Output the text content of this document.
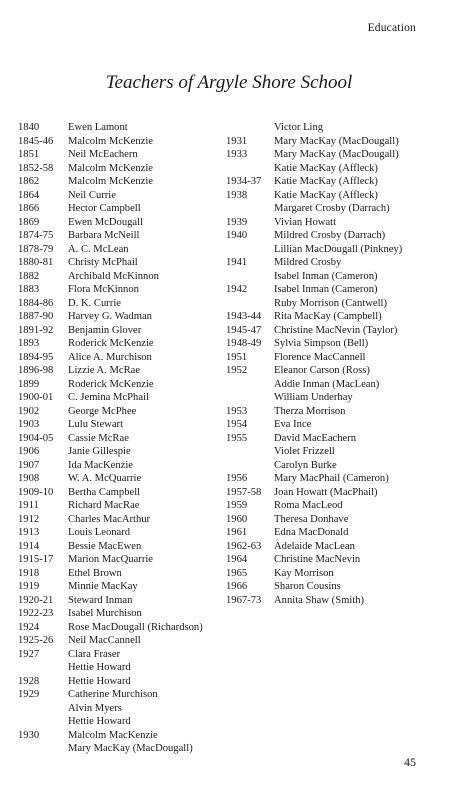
Education
Teachers of Argyle Shore School
1840	Ewen Lamont
1845-46 Malcolm McKenzie
1851	Neil McEachern
1852-58 Malcolm McKenzie
1862	Malcolm McKenzie
1864	Neil Currie
1866	Hector Campbell
1869	Ewen McDougall
1874-75 Barbara McNeill
1878-79 A. C. McLean
1880-81 Christy McPhail
1882	Archibald McKinnon
1883	Flora McKinnon
1884-86 D. K. Currie
1887-90 Harvey G. Wadman
1891-92 Benjamin Glover
1893	Roderick McKenzie
1894-95 Alice A. Murchison
1896-98 Lizzie A. McRae
1899	Roderick McKenzie
1900-01 C. Jemina McPhail
1902	George McPhee
1903	Lulu Stewart
1904-05 Cassie McRae
1906	Janie Gillespie
1907	Ida MacKenzie
1908	W. A. McQuarrie
1909-10 Bertha Campbell
1911	Richard MacRae
1912	Charles MacArthur
1913	Louis Leonard
1914	Bessie MacEwen
1915-17 Marion MacQuarrie
1918	Ethel Brown
1919	Minnie MacKay
1920-21 Steward Inman
1922-23 Isabel Murchison
1924	Rose MacDougall (Richardson)
1925-26 Neil MacCannell
1927	Clara Fraser
Hettie Howard
1928	Hettie Howard
1929	Catherine Murchison
Alvin Myers
Hettie Howard
1930	Malcolm MacKenzie
Mary MacKay (MacDougall)
Victor Ling
1931	Mary MacKay (MacDougall)
1933	Mary MacKay (MacDougall)
Katie MacKay (Affleck)
1934-37 Katie MacKay (Affleck)
1938	Katie MacKay (Affleck)
Margaret Crosby (Darrach)
1939	Vivian Howatt
1940	Mildred Crosby (Darrach)
Lillian MacDougall (Pinkney)
1941	Mildred Crosby
Isabel Inman (Cameron)
1942	Isabel Inman (Cameron)
Ruby Morrison (Cantwell)
1943-44 Rita MacKay (Campbell)
1945-47 Christine MacNevin (Taylor)
1948-49 Sylvia Simpson (Bell)
1951	Florence MacCannell
1952	Eleanor Carson (Ross)
Addie Inman (MacLean)
William Underhay
1953	Therza Morrison
1954	Eva Ince
1955	David MacEachern
Violet Frizzell
Carolyn Burke
1956	Mary MacPhail (Cameron)
1957-58 Joan Howatt (MacPhail)
1959	Roma MacLeod
1960	Theresa Donhave
1961	Edna MacDonald
1962-63 Adelaide MacLean
1964	Christine MacNevin
1965	Kay Morrison
1966	Sharon Cousins
1967-73 Annita Shaw (Smith)
45
